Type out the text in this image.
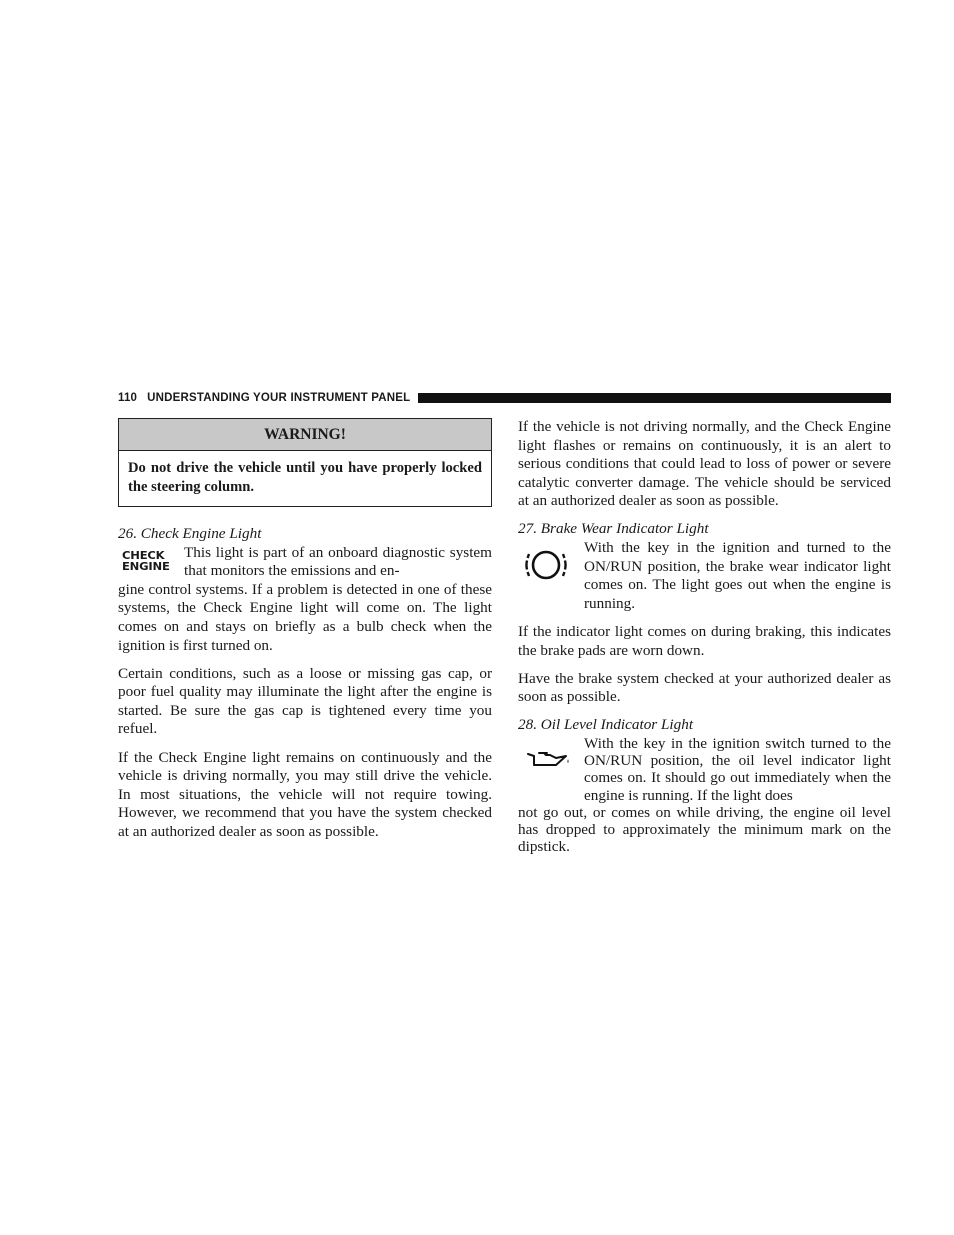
110 UNDERSTANDING YOUR INSTRUMENT PANEL
WARNING!

Do not drive the vehicle until you have properly locked the steering column.

26. Check Engine Light

CHECK
ENGINE

This light is part of an onboard diagnostic system that monitors the emissions and en-

gine control systems. If a problem is detected in one of these systems, the Check Engine light will come on. The light comes on and stays on briefly as a bulb check when the ignition is first turned on.

Certain conditions, such as a loose or missing gas cap, or poor fuel quality may illuminate the light after the engine is started. Be sure the gas cap is tightened every time you refuel.

If the Check Engine light remains on continuously and the vehicle is driving normally, you may still drive the vehicle. In most situations, the vehicle will not require towing. However, we recommend that you have the system checked at an authorized dealer as soon as possible.

If the vehicle is not driving normally, and the Check Engine light flashes or remains on continuously, it is an alert to serious conditions that could lead to loss of power or severe catalytic converter damage. The vehicle should be serviced at an authorized dealer as soon as possible.

27. Brake Wear Indicator Light

With the key in the ignition and turned to the ON/RUN position, the brake wear indicator light comes on. The light goes out when the engine is running.

If the indicator light comes on during braking, this indicates the brake pads are worn down.

Have the brake system checked at your authorized dealer as soon as possible.

28. Oil Level Indicator Light

With the key in the ignition switch turned to the ON/RUN position, the oil level indicator light comes on. It should go out immediately when the engine is running. If the light does

not go out, or comes on while driving, the engine oil level has dropped to approximately the minimum mark on the dipstick.
